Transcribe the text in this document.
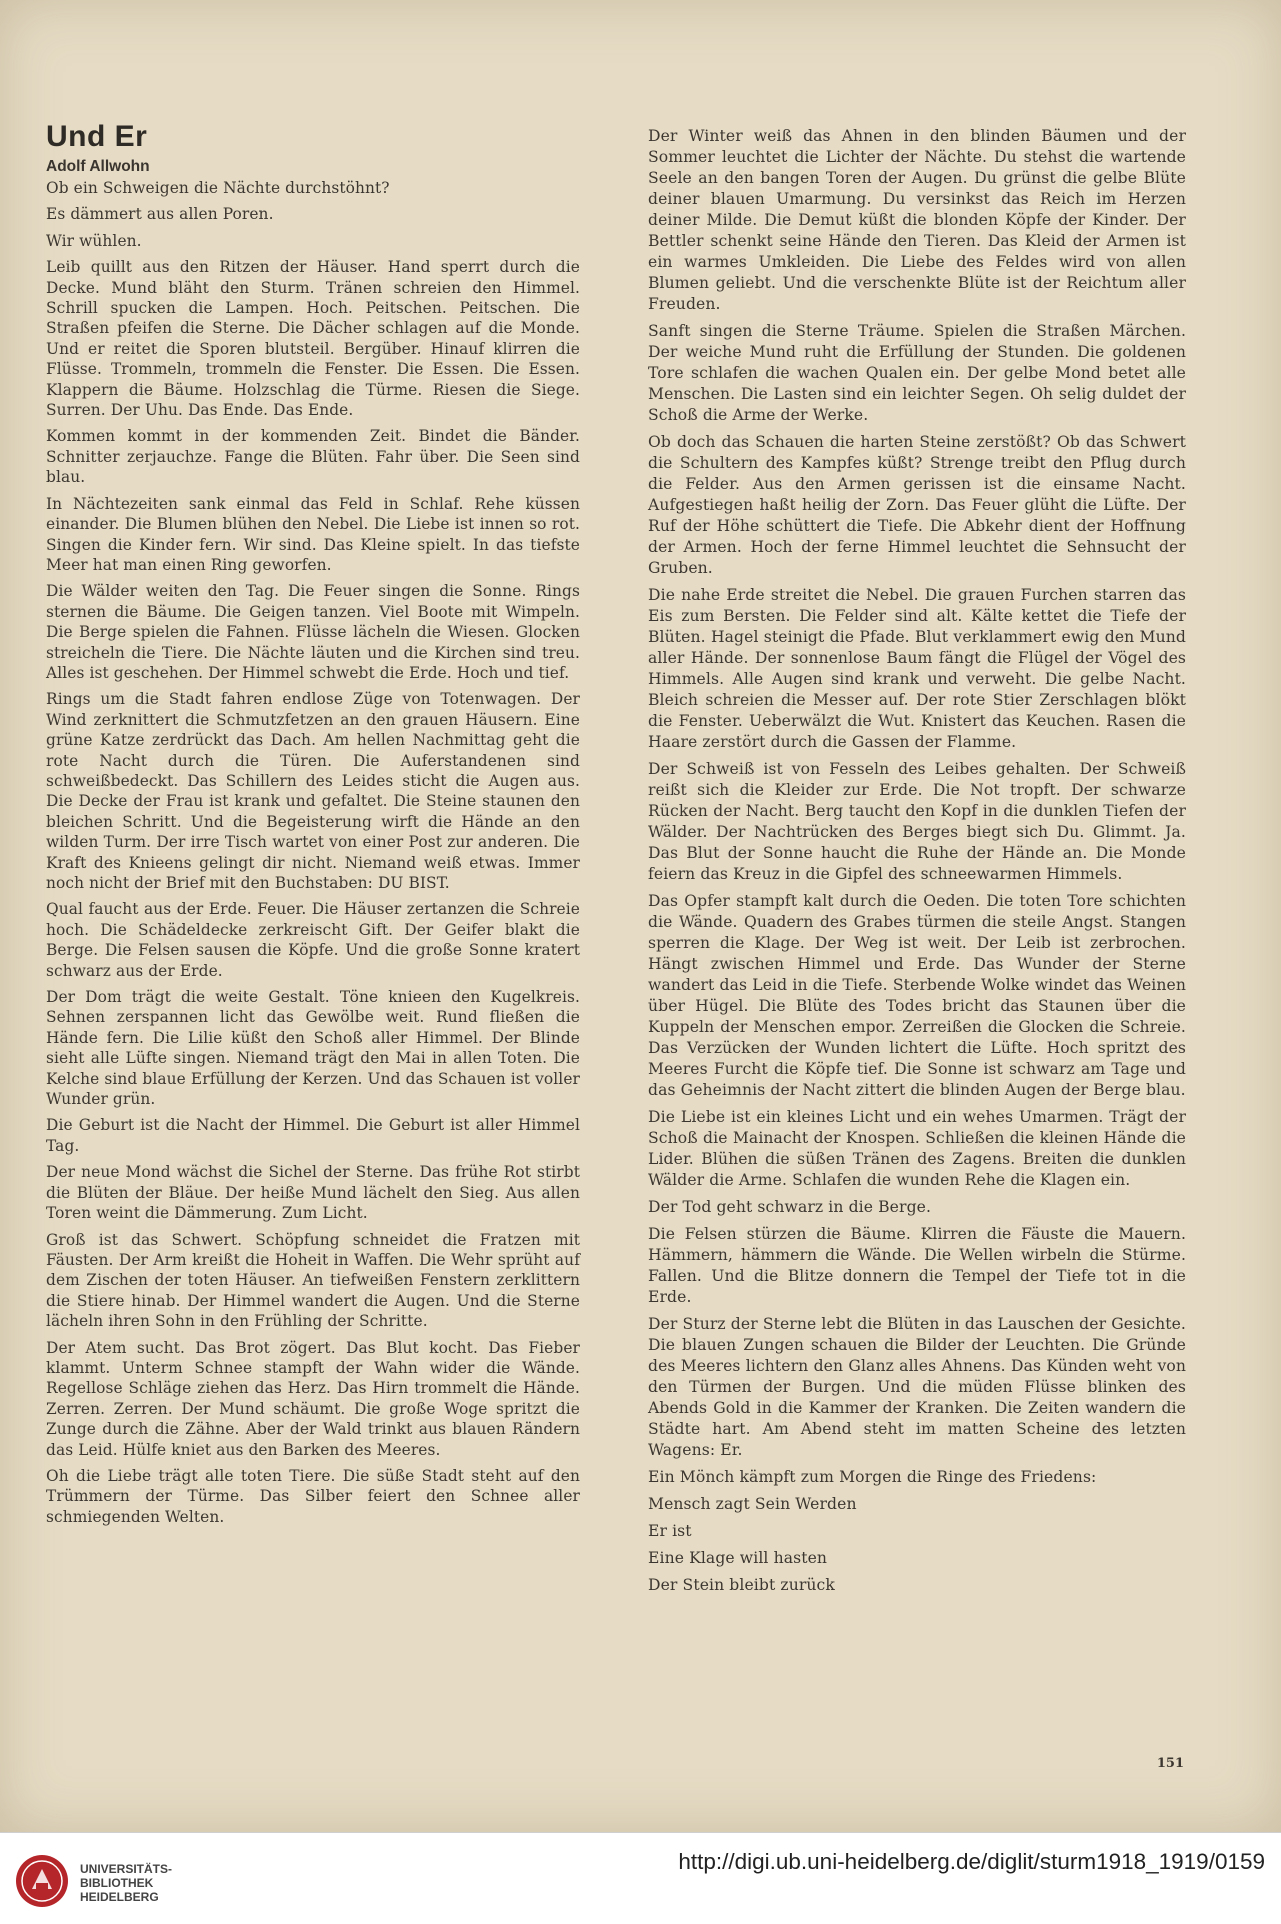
Und Er
Adolf Allwohn

Ob ein Schweigen die Nächte durchstöhnt?

Es dämmert aus allen Poren.

Wir wühlen.

Leib quillt aus den Ritzen der Häuser. Hand sperrt durch die Decke. Mund bläht den Sturm. Tränen schreien den Himmel. Schrill spucken die Lampen. Hoch. Peitschen. Peitschen. Die Straßen pfeifen die Sterne. Die Dächer schlagen auf die Monde. Und er reitet die Sporen blutsteil. Bergüber. Hinauf klirren die Flüsse. Trommeln, trommeln die Fenster. Die Essen. Die Essen. Klappern die Bäume. Holzschlag die Türme. Riesen die Siege. Surren. Der Uhu. Das Ende. Das Ende.

Kommen kommt in der kommenden Zeit. Bindet die Bänder. Schnitter zerjauchze. Fange die Blüten. Fahr über. Die Seen sind blau.

In Nächtezeiten sank einmal das Feld in Schlaf. Rehe küssen einander. Die Blumen blühen den Nebel. Die Liebe ist innen so rot. Singen die Kinder fern. Wir sind. Das Kleine spielt. In das tiefste Meer hat man einen Ring geworfen.

Die Wälder weiten den Tag. Die Feuer singen die Sonne. Rings sternen die Bäume. Die Geigen tanzen. Viel Boote mit Wimpeln. Die Berge spielen die Fahnen. Flüsse lächeln die Wiesen. Glocken streicheln die Tiere. Die Nächte läuten und die Kirchen sind treu. Alles ist geschehen. Der Himmel schwebt die Erde. Hoch und tief.

Rings um die Stadt fahren endlose Züge von Totenwagen. Der Wind zerknittert die Schmutzfetzen an den grauen Häusern. Eine grüne Katze zerdrückt das Dach. Am hellen Nachmittag geht die rote Nacht durch die Türen. Die Auferstandenen sind schweißbedeckt. Das Schillern des Leides sticht die Augen aus. Die Decke der Frau ist krank und gefaltet. Die Steine staunen den bleichen Schritt. Und die Begeisterung wirft die Hände an den wilden Turm. Der irre Tisch wartet von einer Post zur anderen. Die Kraft des Knieens gelingt dir nicht. Niemand weiß etwas. Immer noch nicht der Brief mit den Buchstaben: DU BIST.

Qual faucht aus der Erde. Feuer. Die Häuser zertanzen die Schreie hoch. Die Schädeldecke zerkreischt Gift. Der Geifer blakt die Berge. Die Felsen sausen die Köpfe. Und die große Sonne kratert schwarz aus der Erde.

Der Dom trägt die weite Gestalt. Töne knieen den Kugelkreis. Sehnen zerspannen licht das Gewölbe weit. Rund fließen die Hände fern. Die Lilie küßt den Schoß aller Himmel. Der Blinde sieht alle Lüfte singen. Niemand trägt den Mai in allen Toten. Die Kelche sind blaue Erfüllung der Kerzen. Und das Schauen ist voller Wunder grün.

Die Geburt ist die Nacht der Himmel. Die Geburt ist aller Himmel Tag.

Der neue Mond wächst die Sichel der Sterne. Das frühe Rot stirbt die Blüten der Bläue. Der heiße Mund lächelt den Sieg. Aus allen Toren weint die Dämmerung. Zum Licht.

Groß ist das Schwert. Schöpfung schneidet die Fratzen mit Fäusten. Der Arm kreißt die Hoheit in Waffen. Die Wehr sprüht auf dem Zischen der toten Häuser. An tiefweißen Fenstern zerklittern die Stiere hinab. Der Himmel wandert die Augen. Und die Sterne lächeln ihren Sohn in den Frühling der Schritte.

Der Atem sucht. Das Brot zögert. Das Blut kocht. Das Fieber klammt. Unterm Schnee stampft der Wahn wider die Wände. Regellose Schläge ziehen das Herz. Das Hirn trommelt die Hände. Zerren. Zerren. Der Mund schäumt. Die große Woge spritzt die Zunge durch die Zähne. Aber der Wald trinkt aus blauen Rändern das Leid. Hülfe kniet aus den Barken des Meeres.

Oh die Liebe trägt alle toten Tiere. Die süße Stadt steht auf den Trümmern der Türme. Das Silber feiert den Schnee aller schmiegenden Welten.

Der Winter weiß das Ahnen in den blinden Bäumen und der Sommer leuchtet die Lichter der Nächte. Du stehst die wartende Seele an den bangen Toren der Augen. Du grünst die gelbe Blüte deiner blauen Umarmung. Du versinkst das Reich im Herzen deiner Milde. Die Demut küßt die blonden Köpfe der Kinder. Der Bettler schenkt seine Hände den Tieren. Das Kleid der Armen ist ein warmes Umkleiden. Die Liebe des Feldes wird von allen Blumen geliebt. Und die verschenkte Blüte ist der Reichtum aller Freuden.

Sanft singen die Sterne Träume. Spielen die Straßen Märchen. Der weiche Mund ruht die Erfüllung der Stunden. Die goldenen Tore schlafen die wachen Qualen ein. Der gelbe Mond betet alle Menschen. Die Lasten sind ein leichter Segen. Oh selig duldet der Schoß die Arme der Werke.

Ob doch das Schauen die harten Steine zerstößt? Ob das Schwert die Schultern des Kampfes küßt? Strenge treibt den Pflug durch die Felder. Aus den Armen gerissen ist die einsame Nacht. Aufgestiegen haßt heilig der Zorn. Das Feuer glüht die Lüfte. Der Ruf der Höhe schüttert die Tiefe. Die Abkehr dient der Hoffnung der Armen. Hoch der ferne Himmel leuchtet die Sehnsucht der Gruben.

Die nahe Erde streitet die Nebel. Die grauen Furchen starren das Eis zum Bersten. Die Felder sind alt. Kälte kettet die Tiefe der Blüten. Hagel steinigt die Pfade. Blut verklammert ewig den Mund aller Hände. Der sonnenlose Baum fängt die Flügel der Vögel des Himmels. Alle Augen sind krank und verweht. Die gelbe Nacht. Bleich schreien die Messer auf. Der rote Stier Zerschlagen blökt die Fenster. Ueberwälzt die Wut. Knistert das Keuchen. Rasen die Haare zerstört durch die Gassen der Flamme.

Der Schweiß ist von Fesseln des Leibes gehalten. Der Schweiß reißt sich die Kleider zur Erde. Die Not tropft. Der schwarze Rücken der Nacht. Berg taucht den Kopf in die dunklen Tiefen der Wälder. Der Nachtrücken des Berges biegt sich Du. Glimmt. Ja. Das Blut der Sonne haucht die Ruhe der Hände an. Die Monde feiern das Kreuz in die Gipfel des schneewarmen Himmels.

Das Opfer stampft kalt durch die Oeden. Die toten Tore schichten die Wände. Quadern des Grabes türmen die steile Angst. Stangen sperren die Klage. Der Weg ist weit. Der Leib ist zerbrochen. Hängt zwischen Himmel und Erde. Das Wunder der Sterne wandert das Leid in die Tiefe. Sterbende Wolke windet das Weinen über Hügel. Die Blüte des Todes bricht das Staunen über die Kuppeln der Menschen empor. Zerreißen die Glocken die Schreie. Das Verzücken der Wunden lichtert die Lüfte. Hoch spritzt des Meeres Furcht die Köpfe tief. Die Sonne ist schwarz am Tage und das Geheimnis der Nacht zittert die blinden Augen der Berge blau.

Die Liebe ist ein kleines Licht und ein wehes Umarmen. Trägt der Schoß die Mainacht der Knospen. Schließen die kleinen Hände die Lider. Blühen die süßen Tränen des Zagens. Breiten die dunklen Wälder die Arme. Schlafen die wunden Rehe die Klagen ein.

Der Tod geht schwarz in die Berge.

Die Felsen stürzen die Bäume. Klirren die Fäuste die Mauern. Hämmern, hämmern die Wände. Die Wellen wirbeln die Stürme. Fallen. Und die Blitze donnern die Tempel der Tiefe tot in die Erde.

Der Sturz der Sterne lebt die Blüten in das Lauschen der Gesichte. Die blauen Zungen schauen die Bilder der Leuchten. Die Gründe des Meeres lichtern den Glanz alles Ahnens. Das Künden weht von den Türmen der Burgen. Und die müden Flüsse blinken des Abends Gold in die Kammer der Kranken. Die Zeiten wandern die Städte hart. Am Abend steht im matten Scheine des letzten Wagens: Er.

Ein Mönch kämpft zum Morgen die Ringe des Friedens:

Mensch zagt Sein Werden

Er ist

Eine Klage will hasten

Der Stein bleibt zurück

151
UNIVERSITÄTS-
BIBLIOTHEK
HEIDELBERG
http://digi.ub.uni-heidelberg.de/diglit/sturm1918_1919/0159
